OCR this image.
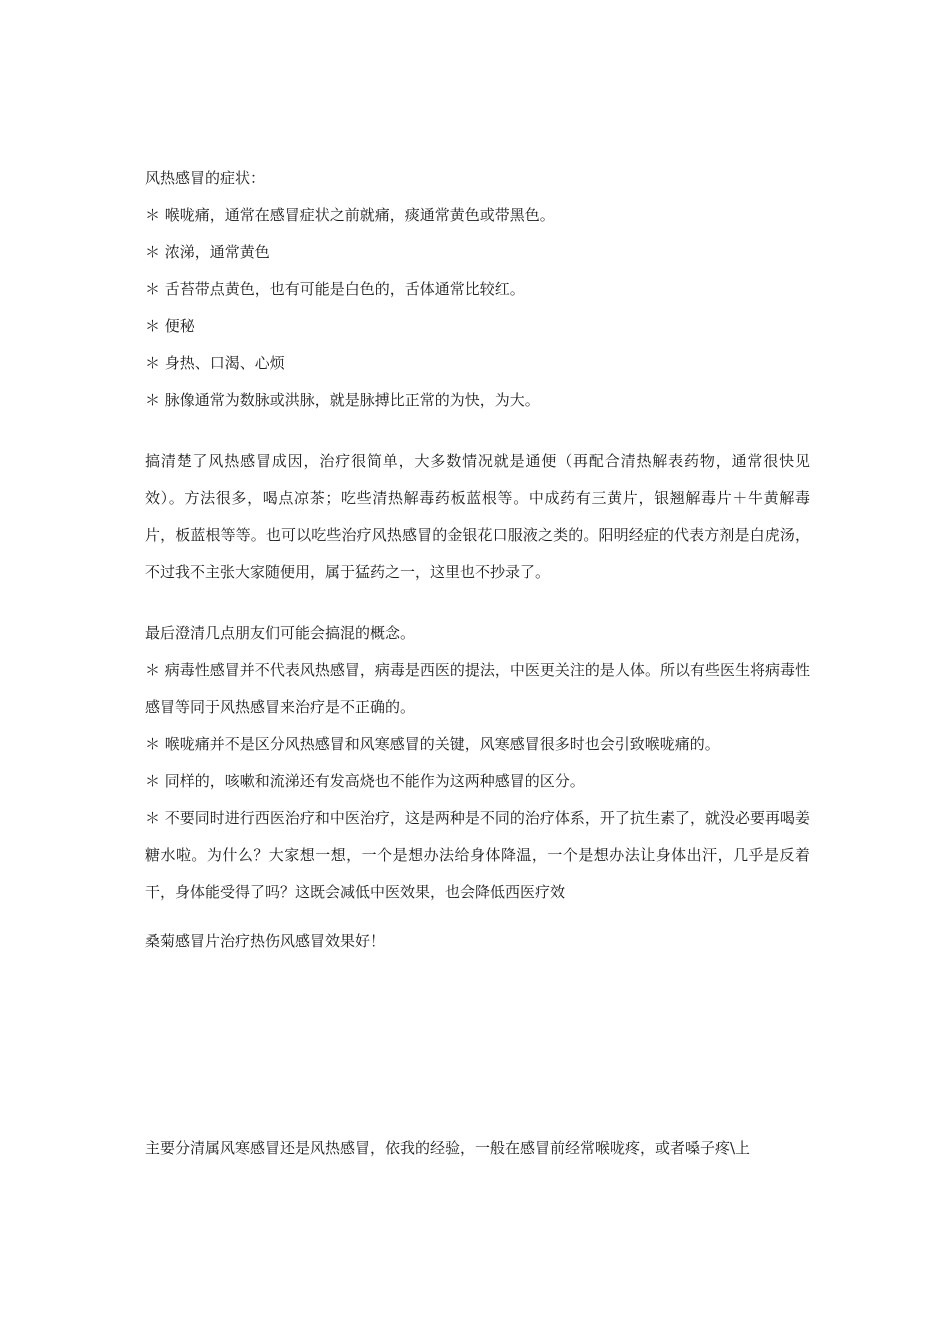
风热感冒的症状：

＊ 喉咙痛，通常在感冒症状之前就痛，痰通常黄色或带黑色。

＊ 浓涕，通常黄色

＊ 舌苔带点黄色，也有可能是白色的，舌体通常比较红。

＊ 便秘

＊ 身热、口渴、心烦

＊ 脉像通常为数脉或洪脉，就是脉搏比正常的为快，为大。

搞清楚了风热感冒成因，治疗很简单，大多数情况就是通便（再配合清热解表药物，通常很快见效）。方法很多，喝点凉茶；吃些清热解毒药板蓝根等。中成药有三黄片，银翘解毒片＋牛黄解毒片，板蓝根等等。也可以吃些治疗风热感冒的金银花口服液之类的。阳明经症的代表方剂是白虎汤，不过我不主张大家随便用，属于猛药之一，这里也不抄录了。

最后澄清几点朋友们可能会搞混的概念。

＊ 病毒性感冒并不代表风热感冒，病毒是西医的提法，中医更关注的是人体。所以有些医生将病毒性感冒等同于风热感冒来治疗是不正确的。

＊ 喉咙痛并不是区分风热感冒和风寒感冒的关键，风寒感冒很多时也会引致喉咙痛的。

＊ 同样的，咳嗽和流涕还有发高烧也不能作为这两种感冒的区分。

＊ 不要同时进行西医治疗和中医治疗，这是两种是不同的治疗体系，开了抗生素了，就没必要再喝姜糖水啦。为什么？大家想一想，一个是想办法给身体降温，一个是想办法让身体出汗，几乎是反着干，身体能受得了吗？这既会减低中医效果，也会降低西医疗效

桑菊感冒片治疗热伤风感冒效果好！

主要分清属风寒感冒还是风热感冒，依我的经验，一般在感冒前经常喉咙疼，或者嗓子疼\上
